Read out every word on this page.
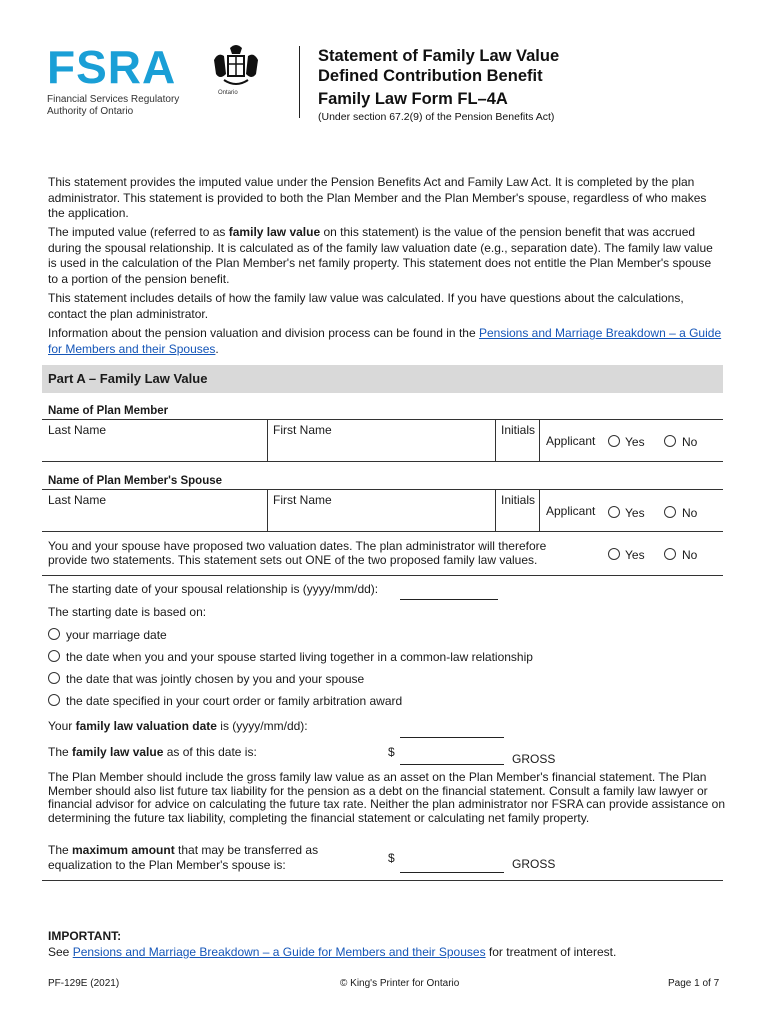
FSRA
Financial Services Regulatory
Authority of Ontario
Ontario
Statement of Family Law Value
Defined Contribution Benefit
Family Law Form FL–4A
(Under section 67.2(9) of the Pension Benefits Act)
This statement provides the imputed value under the Pension Benefits Act and Family Law Act. It is completed by the plan administrator. This statement is provided to both the Plan Member and the Plan Member's spouse, regardless of who makes the application.
The imputed value (referred to as family law value on this statement) is the value of the pension benefit that was accrued during the spousal relationship. It is calculated as of the family law valuation date (e.g., separation date). The family law value is used in the calculation of the Plan Member's net family property. This statement does not entitle the Plan Member's spouse to a portion of the pension benefit.
This statement includes details of how the family law value was calculated. If you have questions about the calculations, contact the plan administrator.
Information about the pension valuation and division process can be found in the Pensions and Marriage Breakdown – a Guide for Members and their Spouses.
Part A – Family Law Value
Name of Plan Member
Last Name	First Name	Initials
Applicant Yes	No
Name of Plan Member's Spouse
Last Name	First Name	Initials
Applicant Yes	No
You and your spouse have proposed two valuation dates. The plan administrator will therefore provide two statements. This statement sets out ONE of the two proposed family law values.	Yes	No
The starting date of your spousal relationship is (yyyy/mm/dd):
The starting date is based on:
your marriage date
the date when you and your spouse started living together in a common-law relationship
the date that was jointly chosen by you and your spouse
the date specified in your court order or family arbitration award
Your family law valuation date is (yyyy/mm/dd):
The family law value as of this date is:	$	GROSS
The Plan Member should include the gross family law value as an asset on the Plan Member's financial statement. The Plan Member should also list future tax liability for the pension as a debt on the financial statement. Consult a family law lawyer or financial advisor for advice on calculating the future tax rate. Neither the plan administrator nor FSRA can provide assistance on determining the future tax liability, completing the financial statement or calculating net family property.
The maximum amount that may be transferred as equalization to the Plan Member's spouse is:	$	GROSS
IMPORTANT:
See Pensions and Marriage Breakdown – a Guide for Members and their Spouses for treatment of interest.
PF-129E (2021)	© King's Printer for Ontario	Page 1 of 7
